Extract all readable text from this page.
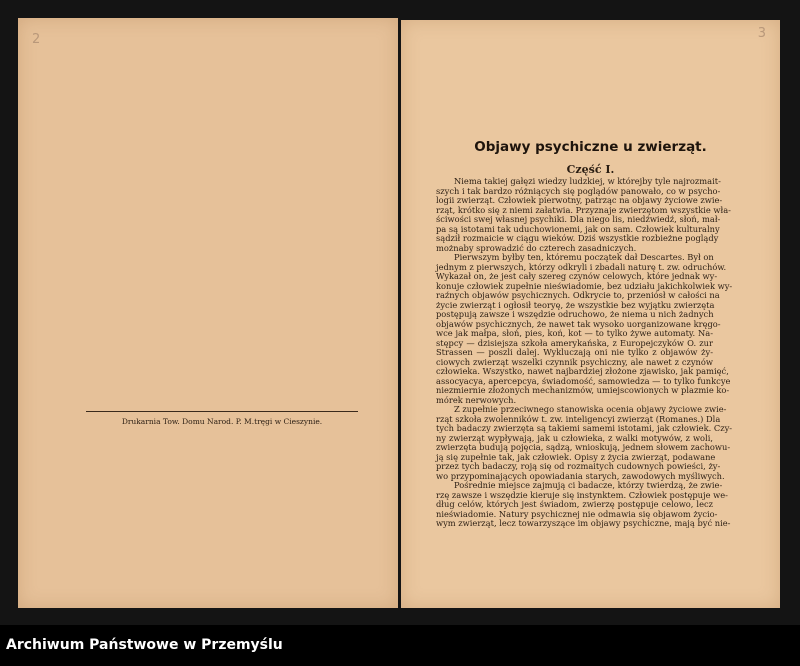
2
Drukarnia Tow. Domu Narod. P. M.tręgi w Cieszynie.
3
Objawy psychiczne u zwierząt.
Część I.
Niema takiej gałęzi wiedzy ludzkiej, w którejby tyle najrozmait-
szych i tak bardzo różniących się poglądów panowało, co w psycho-
logii zwierząt. Człowiek pierwotny, patrząc na objawy życiowe zwie-
rząt, krótko się z niemi załatwia. Przyznaje zwierzętom wszystkie wła-
ściwości swej własnej psychiki. Dla niego lis, niedźwiedź, słoń, mał-
pa są istotami tak uduchowionemi, jak on sam. Człowiek kulturalny
sądził rozmaicie w ciągu wieków. Dziś wszystkie rozbieżne poglądy
możnaby sprowadzić do czterech zasadniczych.
Pierwszym byłby ten, któremu początek dał Descartes. Był on
jednym z pierwszych, którzy odkryli i zbadali naturę t. zw. odruchów.
Wykazał on, że jest cały szereg czynów celowych, które jednak wy-
konuje człowiek zupełnie nieświadomie, bez udziału jakichkolwiek wy-
raźnych objawów psychicznych. Odkrycie to, przeniósł w całości na
życie zwierząt i ogłosił teoryę, że wszystkie bez wyjątku zwierzęta
postępują zawsze i wszędzie odruchowo, że niema u nich żadnych
objawów psychicznych, że nawet tak wysoko uorganizowane kręgo-
wce jak małpa, słoń, pies, koń, kot — to tylko żywe automaty. Na-
stępcy — dzisiejsza szkoła amerykańska, z Europejczyków O. zur
Strassen — poszli dalej. Wykluczają oni nie tylko z objawów ży-
ciowych zwierząt wszelki czynnik psychiczny, ale nawet z czynów
człowieka. Wszystko, nawet najbardziej złożone zjawisko, jak pamięć,
assocyacya, apercepcya, świadomość, samowiedza — to tylko funkcye
niezmiernie złożonych mechanizmów, umiejscowionych w plazmie ko-
mórek nerwowych.
Z zupełnie przeciwnego stanowiska ocenia objawy życiowe zwie-
rząt szkoła zwolenników t. zw. inteligencyi zwierząt (Romanes.) Dla
tych badaczy zwierzęta są takiemi samemi istotami, jak człowiek. Czy-
ny zwierząt wypływają, jak u człowieka, z walki motywów, z woli,
zwierzęta budują pojęcia, sądzą, wnioskują, jednem słowem zachowu-
ją się zupełnie tak, jak człowiek. Opisy z życia zwierząt, podawane
przez tych badaczy, roją się od rozmaitych cudownych powieści, ży-
wo przypominających opowiadania starych, zawodowych myśliwych.
Pośrednie miejsce zajmują ci badacze, którzy twierdzą, że zwie-
rzę zawsze i wszędzie kieruje się instynktem. Człowiek postępuje we-
dług celów, których jest świadom, zwierzę postępuje celowo, lecz
nieświadomie. Natury psychicznej nie odmawia się objawom życio-
wym zwierząt, lecz towarzyszące im objawy psychiczne, mają być nie-
Archiwum Państwowe w Przemyślu
